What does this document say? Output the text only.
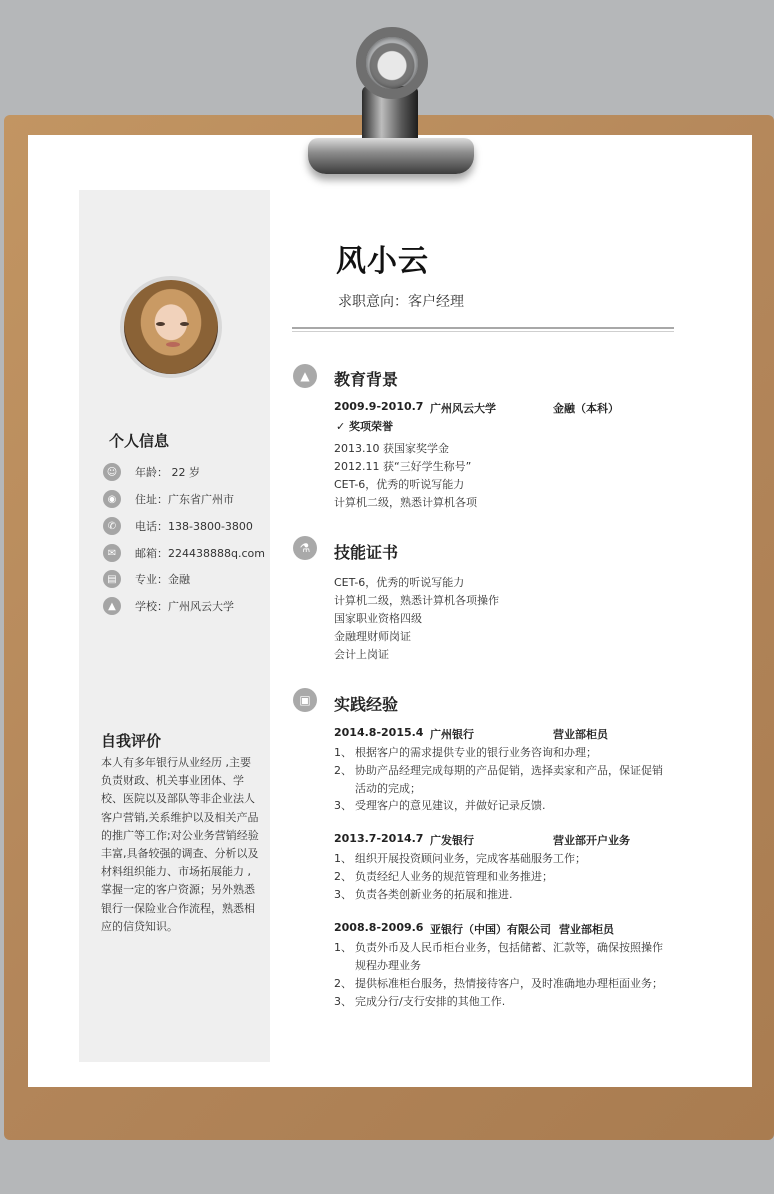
个人信息
☺	年龄： 22 岁
◉	住址：广东省广州市
✆	电话：138-3800-3800
✉	邮箱：224438888q.com
▤	专业：金融
▲	学校：广州风云大学
自我评价
本人有多年银行从业经历 ,主要负责财政、机关事业团体、学校、医院以及部队等非企业法人客户营销,关系维护以及相关产品的推广等工作;对公业务营销经验丰富,具备较强的调查、分析以及材料组织能力、市场拓展能力 ,掌握一定的客户资源；另外熟悉银行一保险业合作流程，熟悉相应的信贷知识。
风小云
求职意向：客户经理
▲	教育背景
2009.9-2010.7 广州风云大学	金融（本科）
✓ 奖项荣誉
2013.10 获国家奖学金
2012.11 获“三好学生称号”
CET-6，优秀的听说写能力
计算机二级，熟悉计算机各项
⚗	技能证书
CET-6，优秀的听说写能力
计算机二级，熟悉计算机各项操作
国家职业资格四级
金融理财师岗证
会计上岗证
▣	实践经验
2014.8-2015.4 广州银行	营业部柜员
1、 根据客户的需求提供专业的银行业务咨询和办理；
2、 协助产品经理完成每期的产品促销，选择卖家和产品，保证促销
活动的完成；
3、 受理客户的意见建议，并做好记录反馈.
2013.7-2014.7 广发银行	营业部开户业务
1、 组织开展投资顾问业务，完成客基础服务工作；
2、 负责经纪人业务的规范管理和业务推进；
3、 负责各类创新业务的拓展和推进.
2008.8-2009.6 亚银行（中国）有限公司 营业部柜员
1、 负责外币及人民币柜台业务，包括储蓄、汇款等，确保按照操作
规程办理业务
2、 提供标准柜台服务，热情接待客户，及时准确地办理柜面业务；
3、 完成分行/支行安排的其他工作.
